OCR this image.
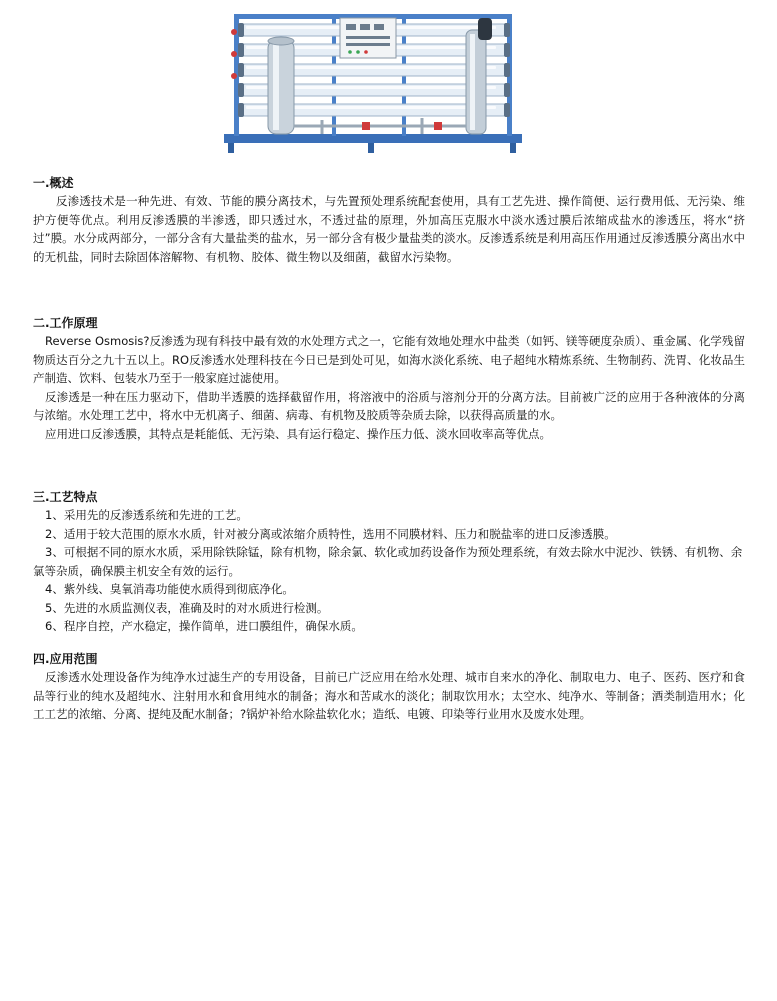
一.概述

反渗透技术是一种先进、有效、节能的膜分离技术，与先置预处理系统配套使用，具有工艺先进、操作简便、运行费用低、无污染、维护方便等优点。利用反渗透膜的半渗透，即只透过水，不透过盐的原理，外加高压克服水中淡水透过膜后浓缩成盐水的渗透压，将水“挤过”膜。水分成两部分，一部分含有大量盐类的盐水，另一部分含有极少量盐类的淡水。反渗透系统是利用高压作用通过反渗透膜分离出水中的无机盐，同时去除固体溶解物、有机物、胶体、微生物以及细菌，截留水污染物。

二.工作原理

Reverse Osmosis?反渗透为现有科技中最有效的水处理方式之一，它能有效地处理水中盐类（如钙、镁等硬度杂质）、重金属、化学残留物质达百分之九十五以上。RO反渗透水处理科技在今日已是到处可见，如海水淡化系统、电子超纯水精炼系统、生物制药、洗胃、化妆品生产制造、饮料、包装水乃至于一般家庭过滤使用。

反渗透是一种在压力驱动下，借助半透膜的选择截留作用，将溶液中的浴质与溶剂分开的分离方法。目前被广泛的应用于各种液体的分离与浓缩。水处理工艺中，将水中无机离子、细菌、病毒、有机物及胶质等杂质去除，以获得高质量的水。

应用进口反渗透膜，其特点是耗能低、无污染、具有运行稳定、操作压力低、淡水回收率高等优点。

三.工艺特点

1、采用先的反渗透系统和先进的工艺。

2、适用于较大范围的原水水质，针对被分离或浓缩介质特性，选用不同膜材料、压力和脱盐率的进口反渗透膜。

3、可根据不同的原水水质，采用除铁除锰，除有机物，除余氯、软化或加药设备作为预处理系统，有效去除水中泥沙、铁锈、有机物、余氯等杂质，确保膜主机安全有效的运行。

4、紫外线、臭氧消毒功能使水质得到彻底净化。

5、先进的水质监测仪表，准确及时的对水质进行检测。

6、程序自控，产水稳定，操作简单，进口膜组件，确保水质。

四.应用范围

反渗透水处理设备作为纯净水过滤生产的专用设备，目前已广泛应用在给水处理、城市自来水的净化、制取电力、电子、医药、医疗和食品等行业的纯水及超纯水、注射用水和食用纯水的制备；海水和苦咸水的淡化；制取饮用水；太空水、纯净水、等制备；酒类制造用水；化工工艺的浓缩、分离、提纯及配水制备；?锅炉补给水除盐软化水；造纸、电镀、印染等行业用水及废水处理。
